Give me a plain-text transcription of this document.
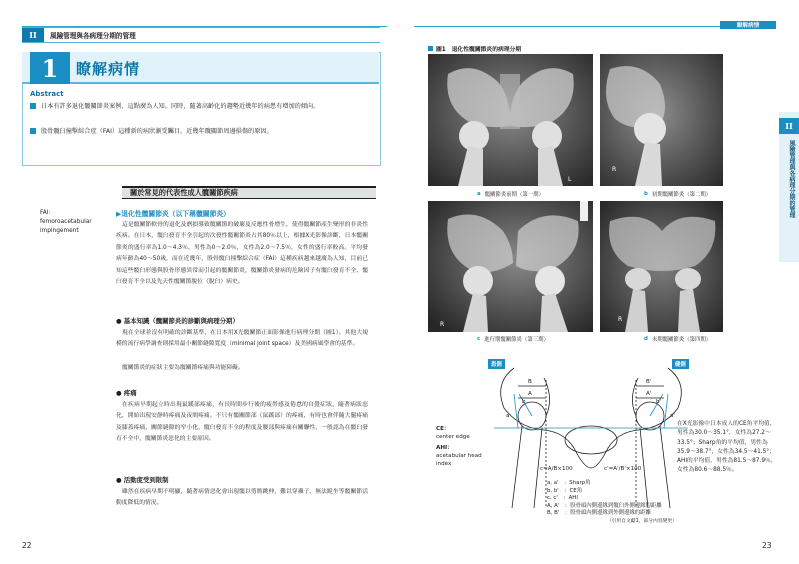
II	風險管理與各病理分期的管理
1	瞭解病情
Abstract
日本有許多退化髖關節炎案例，這點廣為人知。同時，隨著高齡化的趨勢近幾年的病患有增加的傾向。
股骨髖臼撞擊綜合症（FAI）這種新的病狀漸受矚目，近幾年髖關節周邊損傷的原因。
關於常見的代表性成人髖關節疾病
FAI：
femoroacetabular
impingement
▶退化性髖關節炎（以下稱髖關節炎）
這是髖關節軟骨的退化及磨損導致髖關節的破壞及反應性骨增生，使得髖關節產生變形的非炎性疾病。在日本，髖臼發育不全引起的次發性髖關節炎占其80％以上，根據X光影像診斷，日本髖關節炎的盛行率為1.0～4.3％，男性為0～2.0％，女性為2.0～7.5％，女性的盛行率較高。平均發病年齡為40～50歲，而在近幾年，股骨髖臼撞擊綜合症（FAI）這種疾病越來越廣為人知，目前已知這些髖臼形態與股骨形態異常而引起的髖關節炎，髖關節炎發病的危險因子有髖臼發育不全、髖臼發育不全以及先天性髖關節脫位（脫臼）病史。
● 基本知識（髖關節炎的診斷與病理分期）
現在全球並沒有明確的診斷基準，在日本用X光髖關節正面影像進行病理分期（圖1）。其他大規模的流行病學調查則採用最小關節縫隙寬度（minimal joint space）及美國病風學會的基準。
髖關節炎的症狀主要為髖關節疼痛與功能障礙。
● 疼痛
在疾病早期起立時出現鼠蹊部疼痛，有長時間步行後的疲勞感及倦怠的自覺症狀，隨著病狀惡化，開始出現安靜時疼痛及夜間疼痛。不只有髖關節部（鼠蹊部）的疼痛，有時也會伴隨大腿疼痛及膝蓋疼痛，關節縫隙的窄小化，髖臼發育不全的程度及腰部與疼痛有關聯性，一般認為在髖臼發育不全中，髖關節炎惡化的主要原因。
● 活動度受到限制
雖然在疾病早期不明顯，隨著病情惡化會出現髖以剪髂跳伸，難以穿襪子、無法跪坐等髖關節活動度降低的情況。
22
瞭解病情
II
風險管理與各病理分期的管理
圖1　退化性髖關節炎的病理分期
L
a 髖關節炎前期（第一期）
R
b 初期髖關節炎（第二期）
R
c 進行期髖關節炎（第三期）
R
d 末期髖關節炎（第四期）
患側	健側
B
A
B'
A'
b
a
b'
a'
c=A/B×100	c'=A'/B'×100
CE：
center edge
AHI：
acetabular head
index
a, a'　：Sharp角
b, b'　：CE角
c, c'　：AHI
A, A'　：股骨頭內側邊緣到髖臼外側邊緣的距離
B, B'　：股骨頭內側邊緣到外側邊緣的距離
（引用自文獻1，部分內容變更）
在X光影像中日本成人的CE角平均值，男性為30.0～35.1°，女性為27.2～33.5°；Sharp角的平均值，男性為35.9～38.7°，女性為34.5～41.5°；AHI的平均值，男性為81.5～87.9％，女性為80.6～88.5％。
23
